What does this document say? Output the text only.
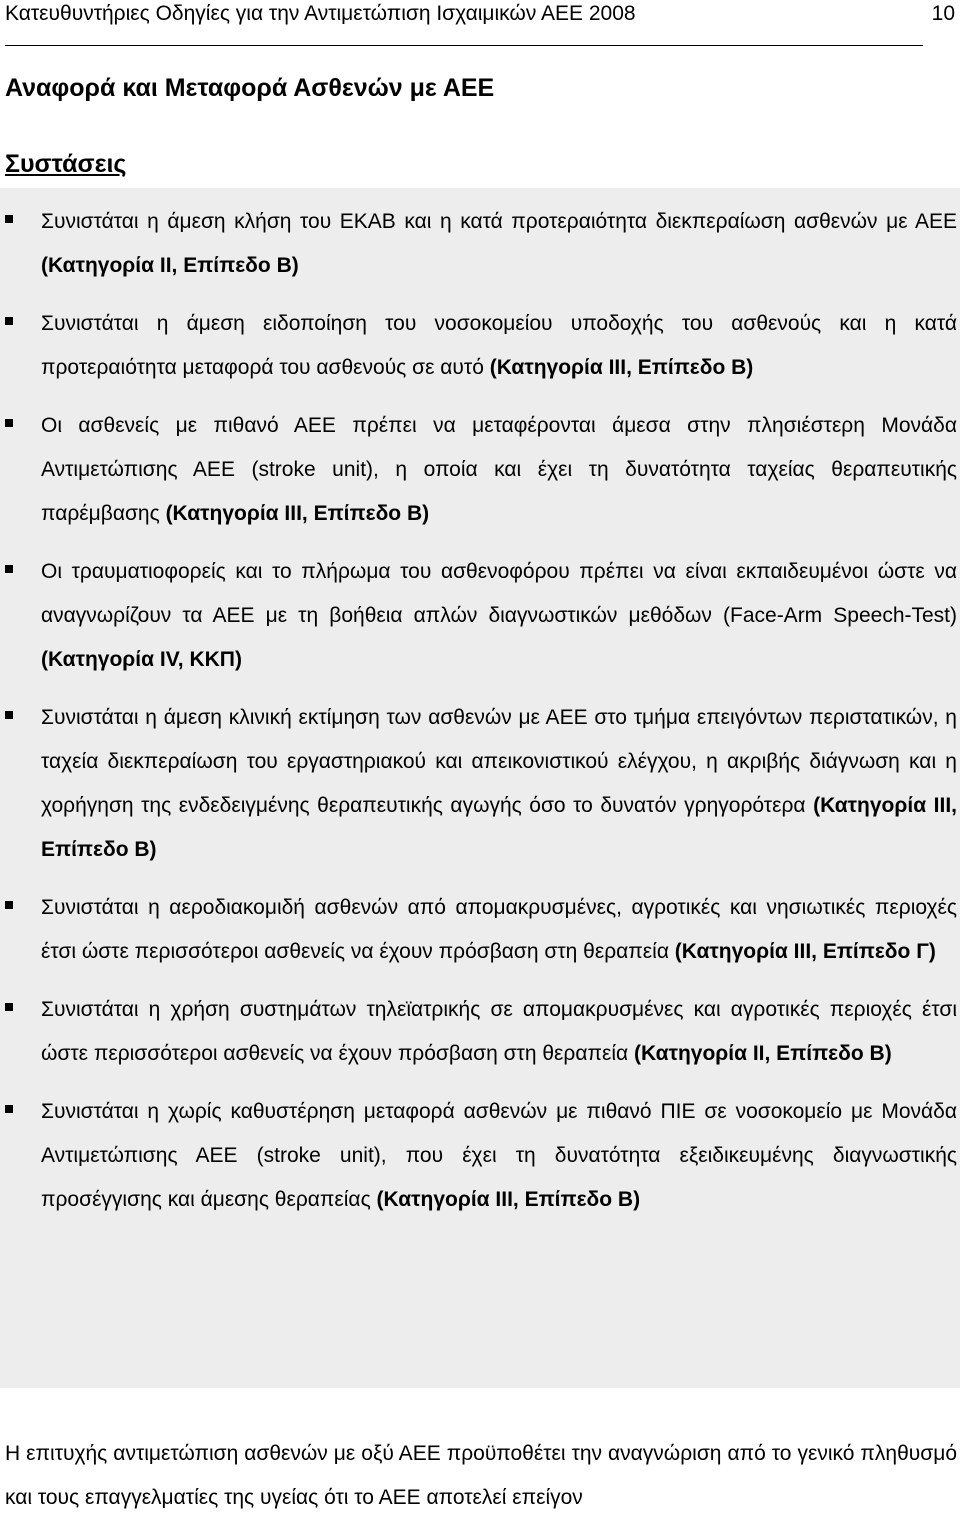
Κατευθυντήριες Οδηγίες για την Αντιμετώπιση Ισχαιμικών ΑΕΕ 2008	10
Αναφορά και Μεταφορά Ασθενών με ΑΕΕ
Συστάσεις
Συνιστάται η άμεση κλήση του ΕΚΑΒ και η κατά προτεραιότητα διεκπεραίωση ασθενών με ΑΕΕ (Κατηγορία ΙΙ, Επίπεδο Β)
Συνιστάται η άμεση ειδοποίηση του νοσοκομείου υποδοχής του ασθενούς και η κατά προτεραιότητα μεταφορά του ασθενούς σε αυτό (Κατηγορία ΙΙΙ, Επίπεδο Β)
Οι ασθενείς με πιθανό ΑΕΕ πρέπει να μεταφέρονται άμεσα στην πλησιέστερη Μονάδα Αντιμετώπισης ΑΕΕ (stroke unit), η οποία και έχει τη δυνατότητα ταχείας θεραπευτικής παρέμβασης (Κατηγορία ΙΙΙ, Επίπεδο Β)
Οι τραυματιοφορείς και το πλήρωμα του ασθενοφόρου πρέπει να είναι εκπαιδευμένοι ώστε να αναγνωρίζουν τα ΑΕΕ με τη βοήθεια απλών διαγνωστικών μεθόδων (Face-Arm Speech-Test) (Κατηγορία ΙV, ΚΚΠ)
Συνιστάται η άμεση κλινική εκτίμηση των ασθενών με ΑΕΕ στο τμήμα επειγόντων περιστατικών, η ταχεία διεκπεραίωση του εργαστηριακού και απεικονιστικού ελέγχου, η ακριβής διάγνωση και η χορήγηση της ενδεδειγμένης θεραπευτικής αγωγής όσο το δυνατόν γρηγορότερα (Κατηγορία ΙΙΙ, Επίπεδο Β)
Συνιστάται η αεροδιακομιδή ασθενών από απομακρυσμένες, αγροτικές και νησιωτικές περιοχές έτσι ώστε περισσότεροι ασθενείς να έχουν πρόσβαση στη θεραπεία (Κατηγορία ΙΙΙ, Επίπεδο Γ)
Συνιστάται η χρήση συστημάτων τηλεϊατρικής σε απομακρυσμένες και αγροτικές περιοχές έτσι ώστε περισσότεροι ασθενείς να έχουν πρόσβαση στη θεραπεία (Κατηγορία ΙΙ, Επίπεδο Β)
Συνιστάται η χωρίς καθυστέρηση μεταφορά ασθενών με πιθανό ΠΙΕ σε νοσοκομείο με Μονάδα Αντιμετώπισης ΑΕΕ (stroke unit), που έχει τη δυνατότητα εξειδικευμένης διαγνωστικής προσέγγισης και άμεσης θεραπείας (Κατηγορία ΙΙΙ, Επίπεδο Β)

Η επιτυχής αντιμετώπιση ασθενών με οξύ ΑΕΕ προϋποθέτει την αναγνώριση από το γενικό πληθυσμό και τους επαγγελματίες της υγείας ότι το ΑΕΕ αποτελεί επείγον
